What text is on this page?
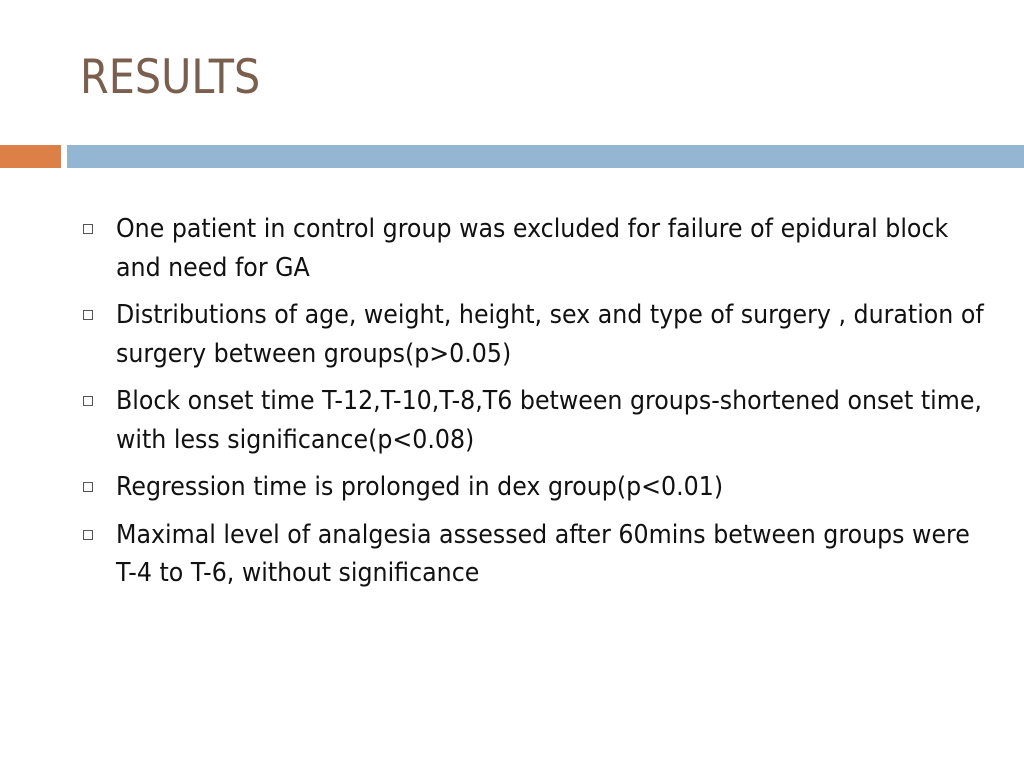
RESULTS
One patient in control group was excluded for failure of epidural block and need for GA
Distributions of age, weight, height, sex and type of surgery , duration of surgery between groups(p>0.05)
Block onset time T-12,T-10,T-8,T6 between groups-shortened onset time, with less significance(p<0.08)
Regression time is prolonged in dex group(p<0.01)
Maximal level of analgesia assessed after 60mins between groups were T-4 to T-6, without significance
